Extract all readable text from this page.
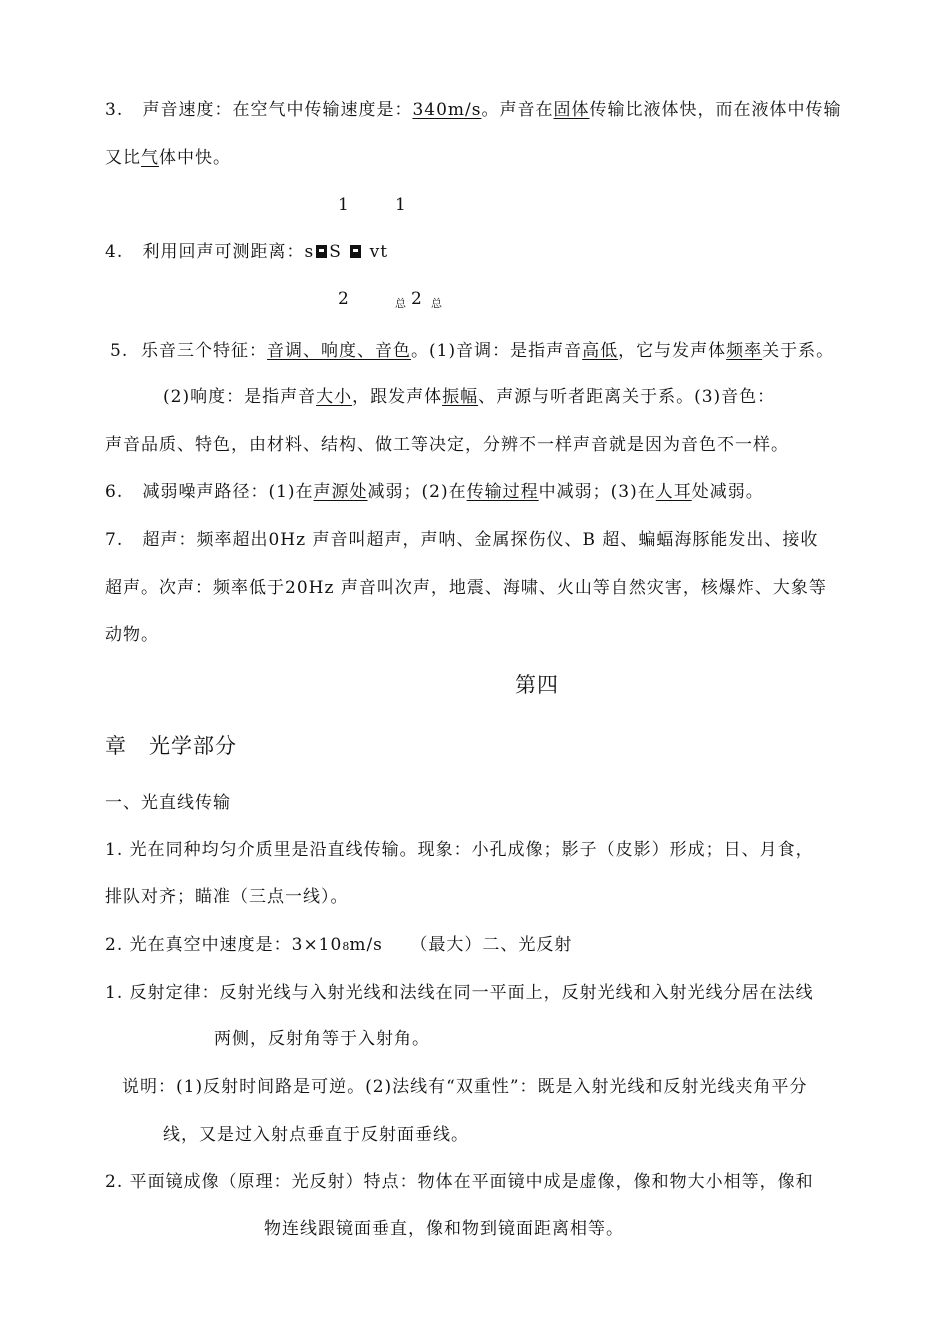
3. 声音速度：在空气中传输速度是：340m/s。声音在固体传输比液体快，而在液体中传输
又比气体中快。
1	1
4. 利用回声可测距离：s S vt
2	总 2 总
5. 乐音三个特征：音调、响度、音色。(1)音调：是指声音高低，它与发声体频率关于系。
(2)响度：是指声音大小，跟发声体振幅、声源与听者距离关于系。(3)音色：
声音品质、特色，由材料、结构、做工等决定，分辨不一样声音就是因为音色不一样。
6. 减弱噪声路径：(1)在声源处减弱；(2)在传输过程中减弱；(3)在人耳处减弱。
7. 超声：频率超出0Hz 声音叫超声，声呐、金属探伤仪、B 超、蝙蝠海豚能发出、接收
超声。次声：频率低于20Hz 声音叫次声，地震、海啸、火山等自然灾害，核爆炸、大象等
动物。
第四
章　光学部分
一、光直线传输
1. 光在同种均匀介质里是沿直线传输。现象：小孔成像；影子（皮影）形成；日、月食，
排队对齐；瞄准（三点一线）。
2. 光在真空中速度是：3×108m/s　　（最大）二、光反射
1. 反射定律：反射光线与入射光线和法线在同一平面上，反射光线和入射光线分居在法线
两侧，反射角等于入射角。
说明：(1)反射时间路是可逆。(2)法线有“双重性”：既是入射光线和反射光线夹角平分
线，又是过入射点垂直于反射面垂线。
2. 平面镜成像（原理：光反射）特点：物体在平面镜中成是虚像，像和物大小相等，像和
物连线跟镜面垂直，像和物到镜面距离相等。
